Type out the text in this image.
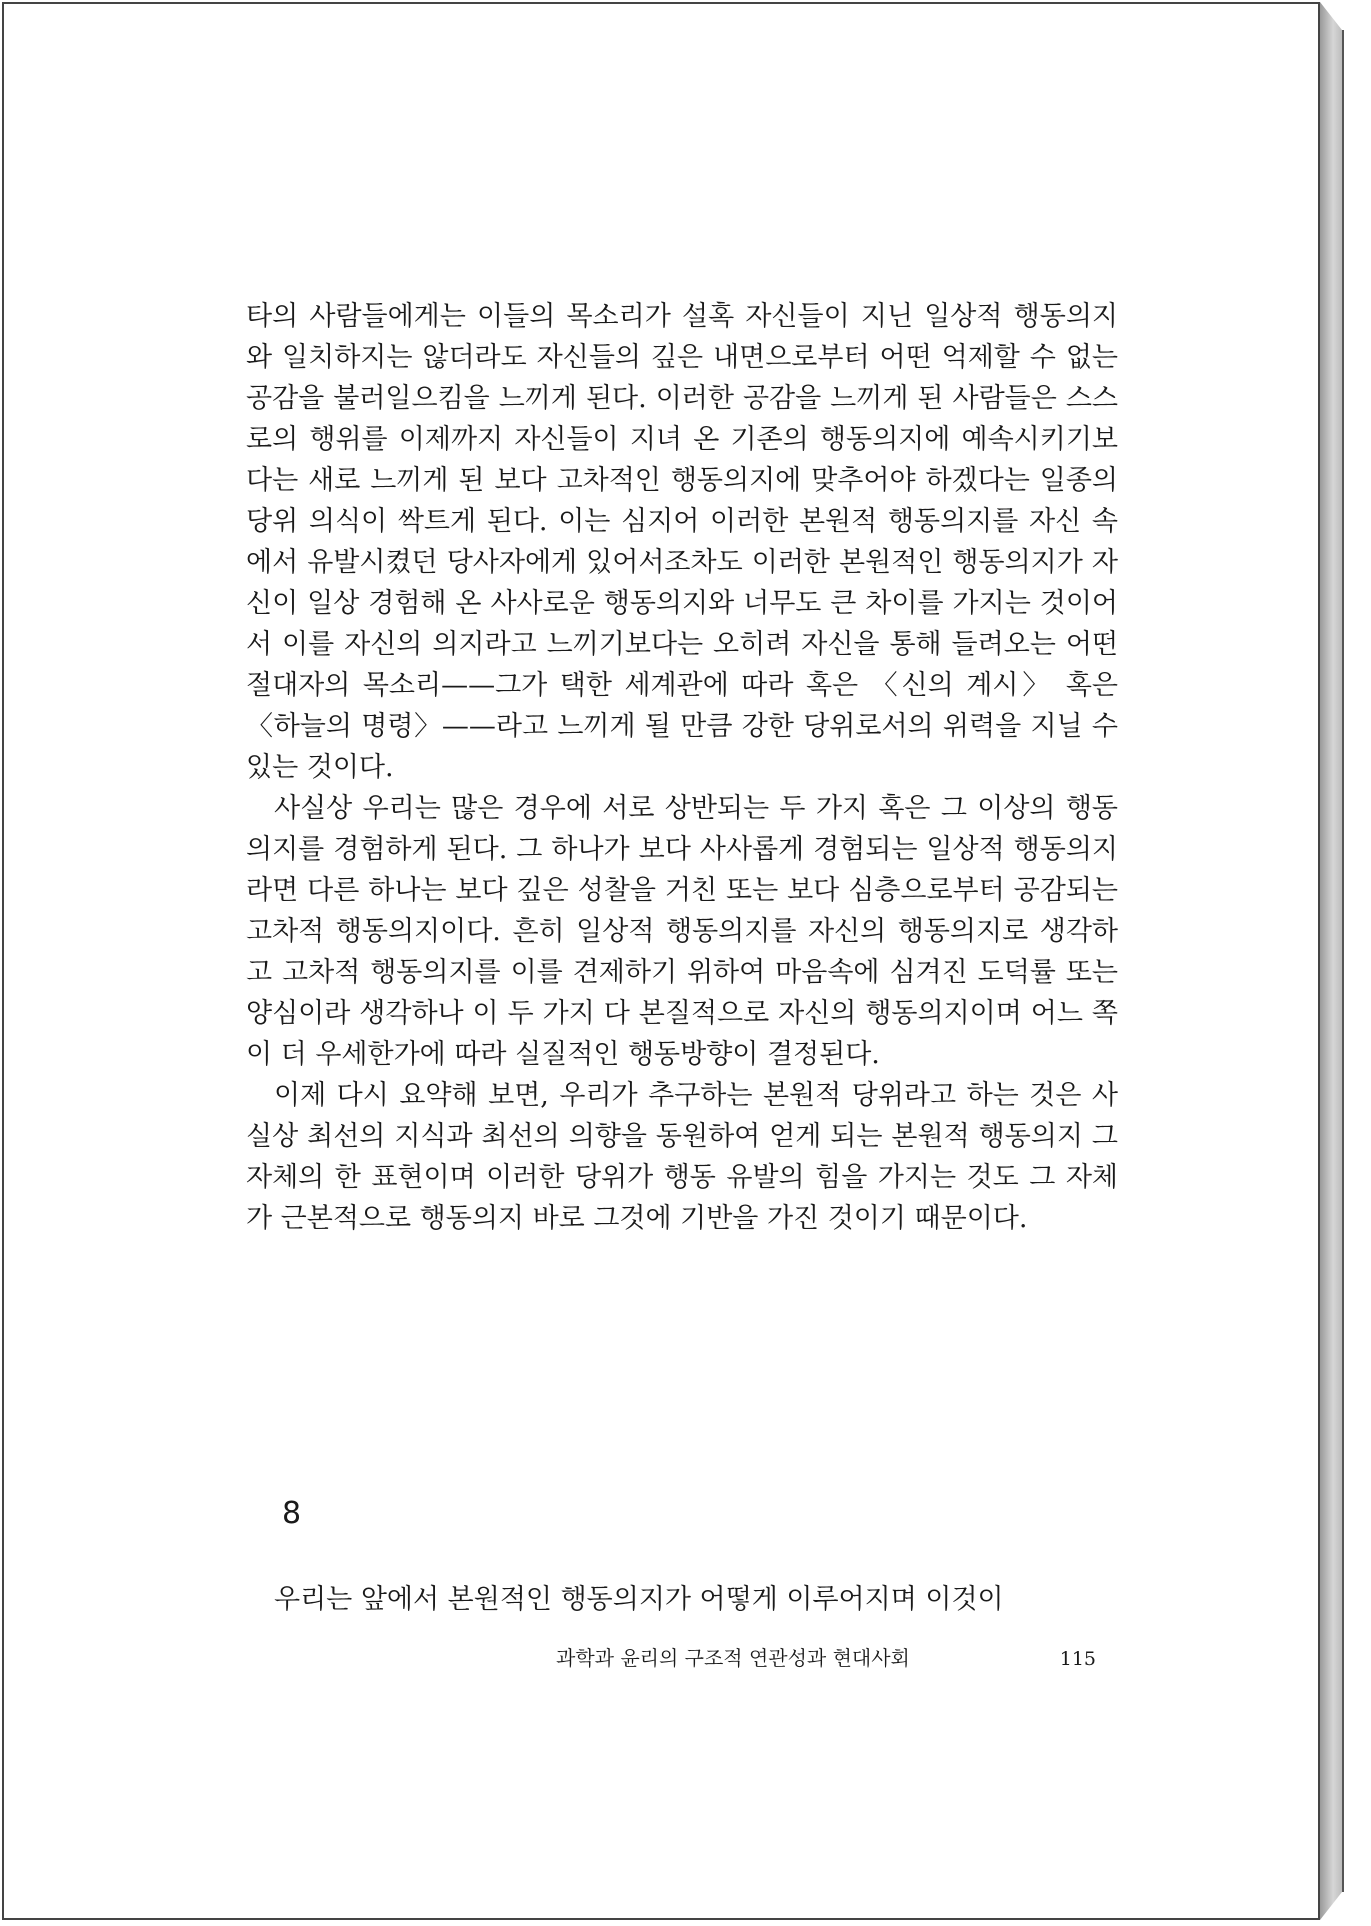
타의 사람들에게는 이들의 목소리가 설혹 자신들이 지닌 일상적 행동의지와 일치하지는 않더라도 자신들의 깊은 내면으로부터 어떤 억제할 수 없는 공감을 불러일으킴을 느끼게 된다. 이러한 공감을 느끼게 된 사람들은 스스로의 행위를 이제까지 자신들이 지녀 온 기존의 행동의지에 예속시키기보다는 새로 느끼게 된 보다 고차적인 행동의지에 맞추어야 하겠다는 일종의 당위 의식이 싹트게 된다. 이는 심지어 이러한 본원적 행동의지를 자신 속에서 유발시켰던 당사자에게 있어서조차도 이러한 본원적인 행동의지가 자신이 일상 경험해 온 사사로운 행동의지와 너무도 큰 차이를 가지는 것이어서 이를 자신의 의지라고 느끼기보다는 오히려 자신을 통해 들려오는 어떤 절대자의 목소리——그가 택한 세계관에 따라 혹은 〈신의 계시〉 혹은 〈하늘의 명령〉——라고 느끼게 될 만큼 강한 당위로서의 위력을 지닐 수 있는 것이다.

사실상 우리는 많은 경우에 서로 상반되는 두 가지 혹은 그 이상의 행동의지를 경험하게 된다. 그 하나가 보다 사사롭게 경험되는 일상적 행동의지라면 다른 하나는 보다 깊은 성찰을 거친 또는 보다 심층으로부터 공감되는 고차적 행동의지이다. 흔히 일상적 행동의지를 자신의 행동의지로 생각하고 고차적 행동의지를 이를 견제하기 위하여 마음속에 심겨진 도덕률 또는 양심이라 생각하나 이 두 가지 다 본질적으로 자신의 행동의지이며 어느 쪽이 더 우세한가에 따라 실질적인 행동방향이 결정된다.

이제 다시 요약해 보면, 우리가 추구하는 본원적 당위라고 하는 것은 사실상 최선의 지식과 최선의 의향을 동원하여 얻게 되는 본원적 행동의지 그 자체의 한 표현이며 이러한 당위가 행동 유발의 힘을 가지는 것도 그 자체가 근본적으로 행동의지 바로 그것에 기반을 가진 것이기 때문이다.

8
우리는 앞에서 본원적인 행동의지가 어떻게 이루어지며 이것이
과학과 윤리의 구조적 연관성과 현대사회	115
